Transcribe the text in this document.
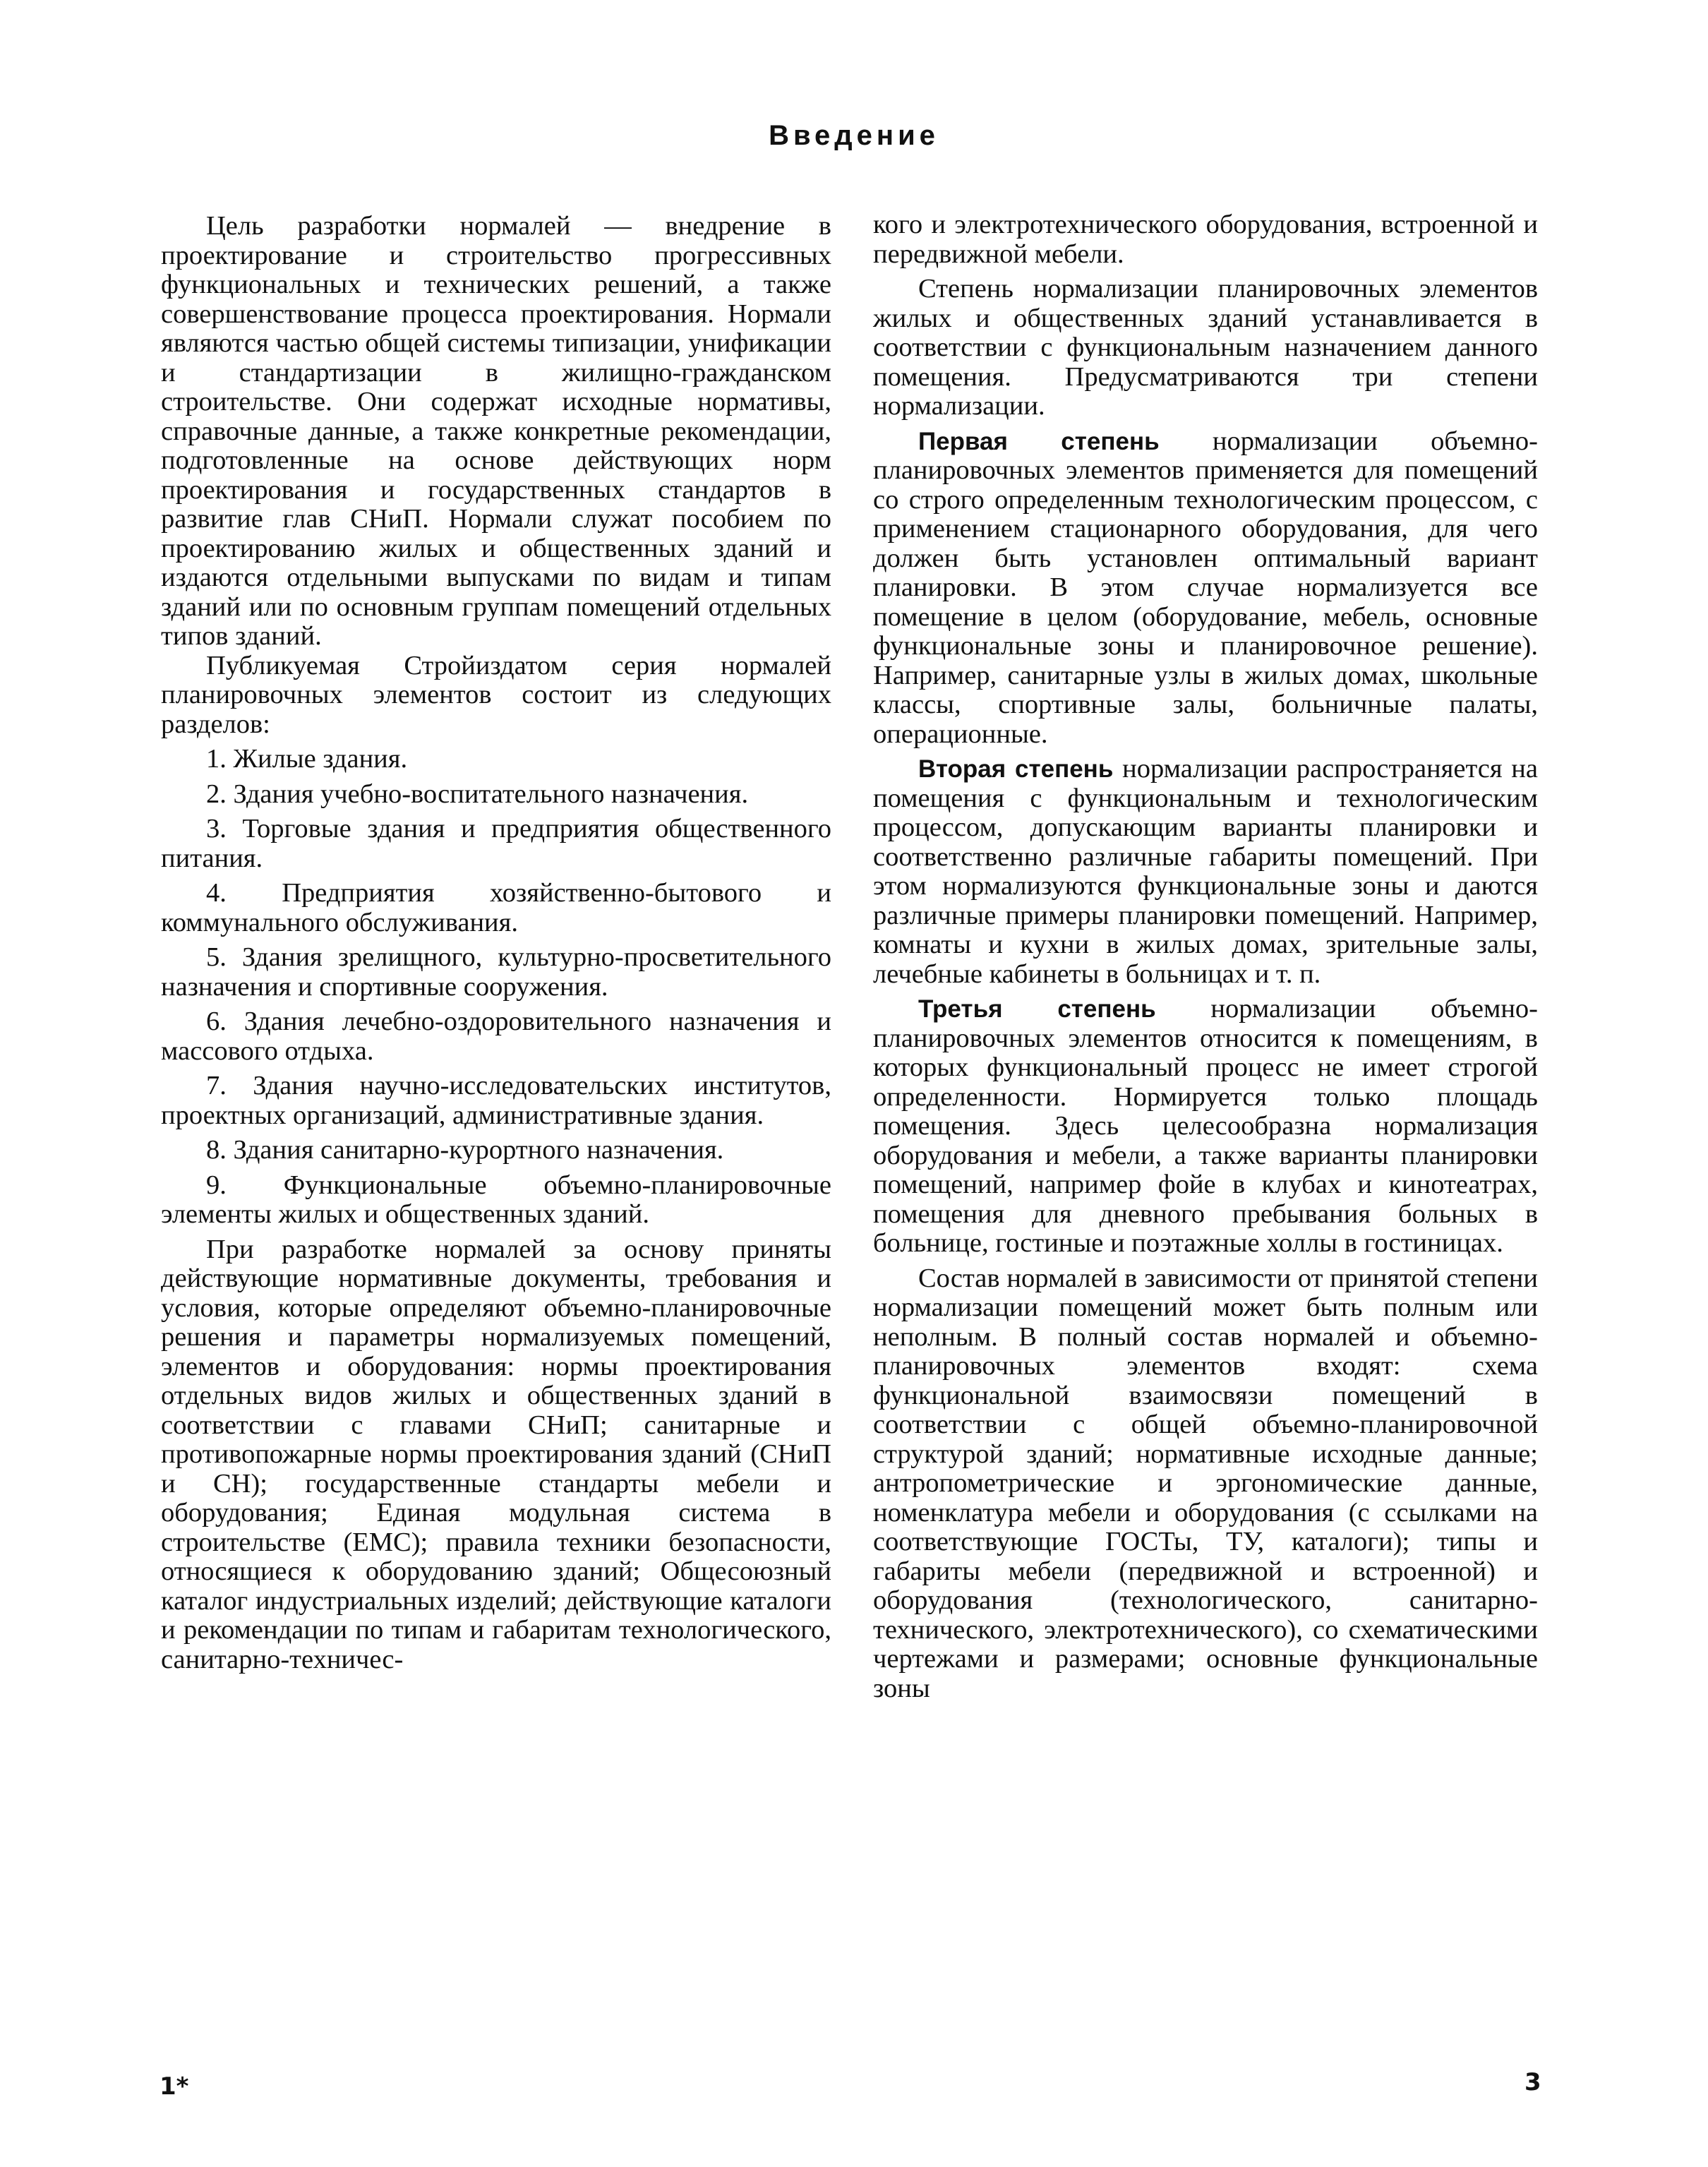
Введение

Цель разработки нормалей — внедрение в проектирование и строительство прогрессивных функциональных и технических решений, а также совершенствование процесса проектирования. Нормали являются частью общей системы типизации, унификации и стандартизации в жилищно-гражданском строительстве. Они содержат исходные нормативы, справочные данные, а также конкретные рекомендации, подготовленные на основе действующих норм проектирования и государственных стандартов в развитие глав СНиП. Нормали служат пособием по проектированию жилых и общественных зданий и издаются отдельными выпусками по видам и типам зданий или по основным группам помещений отдельных типов зданий.

Публикуемая Стройиздатом серия нормалей планировочных элементов состоит из следующих разделов:

1. Жилые здания.

2. Здания учебно-воспитательного назначения.

3. Торговые здания и предприятия общественного питания.

4. Предприятия хозяйственно-бытового и коммунального обслуживания.

5. Здания зрелищного, культурно-просветительного назначения и спортивные сооружения.

6. Здания лечебно-оздоровительного назначения и массового отдыха.

7. Здания научно-исследовательских институтов, проектных организаций, административные здания.

8. Здания санитарно-курортного назначения.

9. Функциональные объемно-планировочные элементы жилых и общественных зданий.

При разработке нормалей за основу приняты действующие нормативные документы, требования и условия, которые определяют объемно-планировочные решения и параметры нормализуемых помещений, элементов и оборудования: нормы проектирования отдельных видов жилых и общественных зданий в соответствии с главами СНиП; санитарные и противопожарные нормы проектирования зданий (СНиП и СН); государственные стандарты мебели и оборудования; Единая модульная система в строительстве (ЕМС); правила техники безопасности, относящиеся к оборудованию зданий; Общесоюзный каталог индустриальных изделий; действующие каталоги и рекомендации по типам и габаритам технологического, санитарно-техничес-

кого и электротехнического оборудования, встроенной и передвижной мебели.

Степень нормализации планировочных элементов жилых и общественных зданий устанавливается в соответствии с функциональным назначением данного помещения. Предусматриваются три степени нормализации.

Первая степень нормализации объемно-планировочных элементов применяется для помещений со строго определенным технологическим процессом, с применением стационарного оборудования, для чего должен быть установлен оптимальный вариант планировки. В этом случае нормализуется все помещение в целом (оборудование, мебель, основные функциональные зоны и планировочное решение). Например, санитарные узлы в жилых домах, школьные классы, спортивные залы, больничные палаты, операционные.

Вторая степень нормализации распространяется на помещения с функциональным и технологическим процессом, допускающим варианты планировки и соответственно различные габариты помещений. При этом нормализуются функциональные зоны и даются различные примеры планировки помещений. Например, комнаты и кухни в жилых домах, зрительные залы, лечебные кабинеты в больницах и т. п.

Третья степень нормализации объемно-планировочных элементов относится к помещениям, в которых функциональный процесс не имеет строгой определенности. Нормируется только площадь помещения. Здесь целесообразна нормализация оборудования и мебели, а также варианты планировки помещений, например фойе в клубах и кинотеатрах, помещения для дневного пребывания больных в больнице, гостиные и поэтажные холлы в гостиницах.

Состав нормалей в зависимости от принятой степени нормализации помещений может быть полным или неполным. В полный состав нормалей и объемно-планировочных элементов входят: схема функциональной взаимосвязи помещений в соответствии с общей объемно-планировочной структурой зданий; нормативные исходные данные; антропометрические и эргономические данные, номенклатура мебели и оборудования (с ссылками на соответствующие ГОСТы, ТУ, каталоги); типы и габариты мебели (передвижной и встроенной) и оборудования (технологического, санитарно-технического, электротехнического), со схематическими чертежами и размерами; основные функциональные зоны

1*	3
